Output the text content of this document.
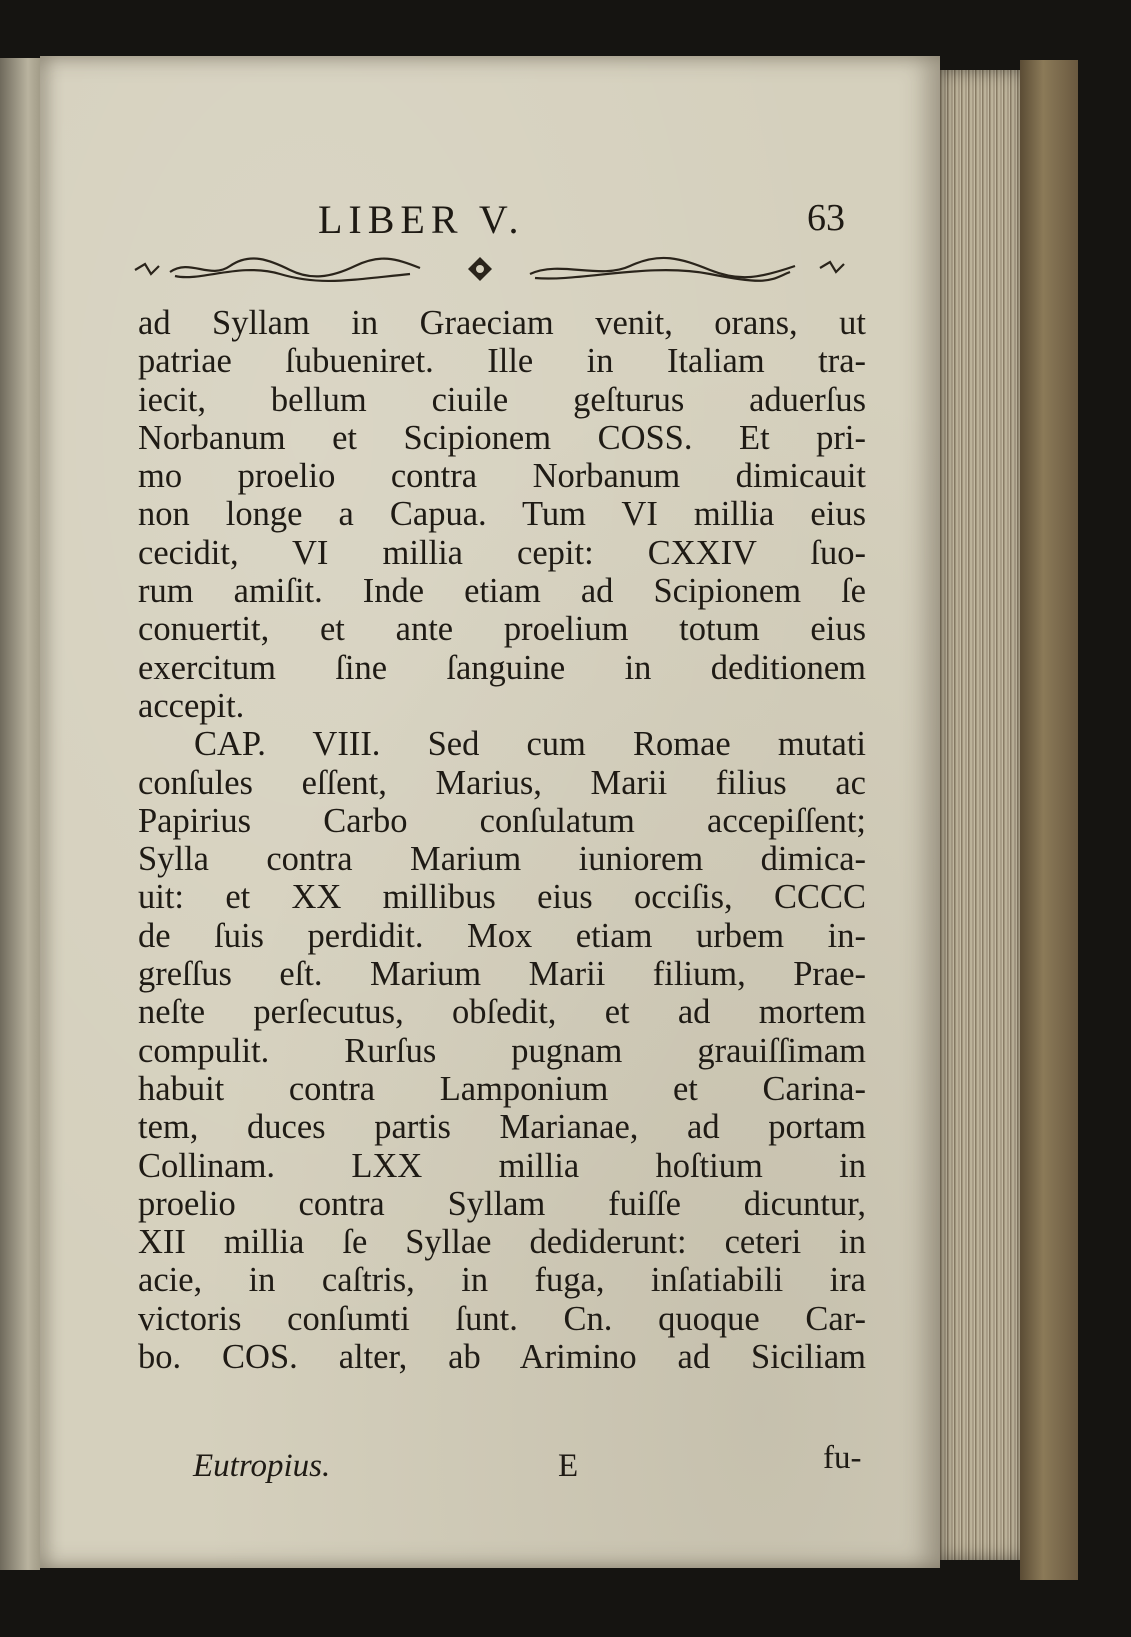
LIBER V.	63
ad Syllam in Graeciam venit, orans, ut
patriae ſubueniret. Ille in Italiam tra-
iecit, bellum ciuile geſturus aduerſus
Norbanum et Scipionem COSS. Et pri-
mo proelio contra Norbanum dimicauit
non longe a Capua. Tum VI millia eius
cecidit, VI millia cepit: CXXIV ſuo-
rum amiſit. Inde etiam ad Scipionem ſe
conuertit, et ante proelium totum eius
exercitum ſine ſanguine in deditionem
accepit.
CAP. VIII. Sed cum Romae mutati
conſules eſſent, Marius, Marii filius ac
Papirius Carbo conſulatum accepiſſent;
Sylla contra Marium iuniorem dimica-
uit: et XX millibus eius occiſis, CCCC
de ſuis perdidit. Mox etiam urbem in-
greſſus eſt. Marium Marii filium, Prae-
neſte perſecutus, obſedit, et ad mortem
compulit. Rurſus pugnam grauiſſimam
habuit contra Lamponium et Carina-
tem, duces partis Marianae, ad portam
Collinam. LXX millia hoſtium in
proelio contra Syllam fuiſſe dicuntur,
XII millia ſe Syllae dediderunt: ceteri in
acie, in caſtris, in fuga, inſatiabili ira
victoris conſumti ſunt. Cn. quoque Car-
bo. COS. alter, ab Arimino ad Siciliam
Eutropius.	E	fu-
